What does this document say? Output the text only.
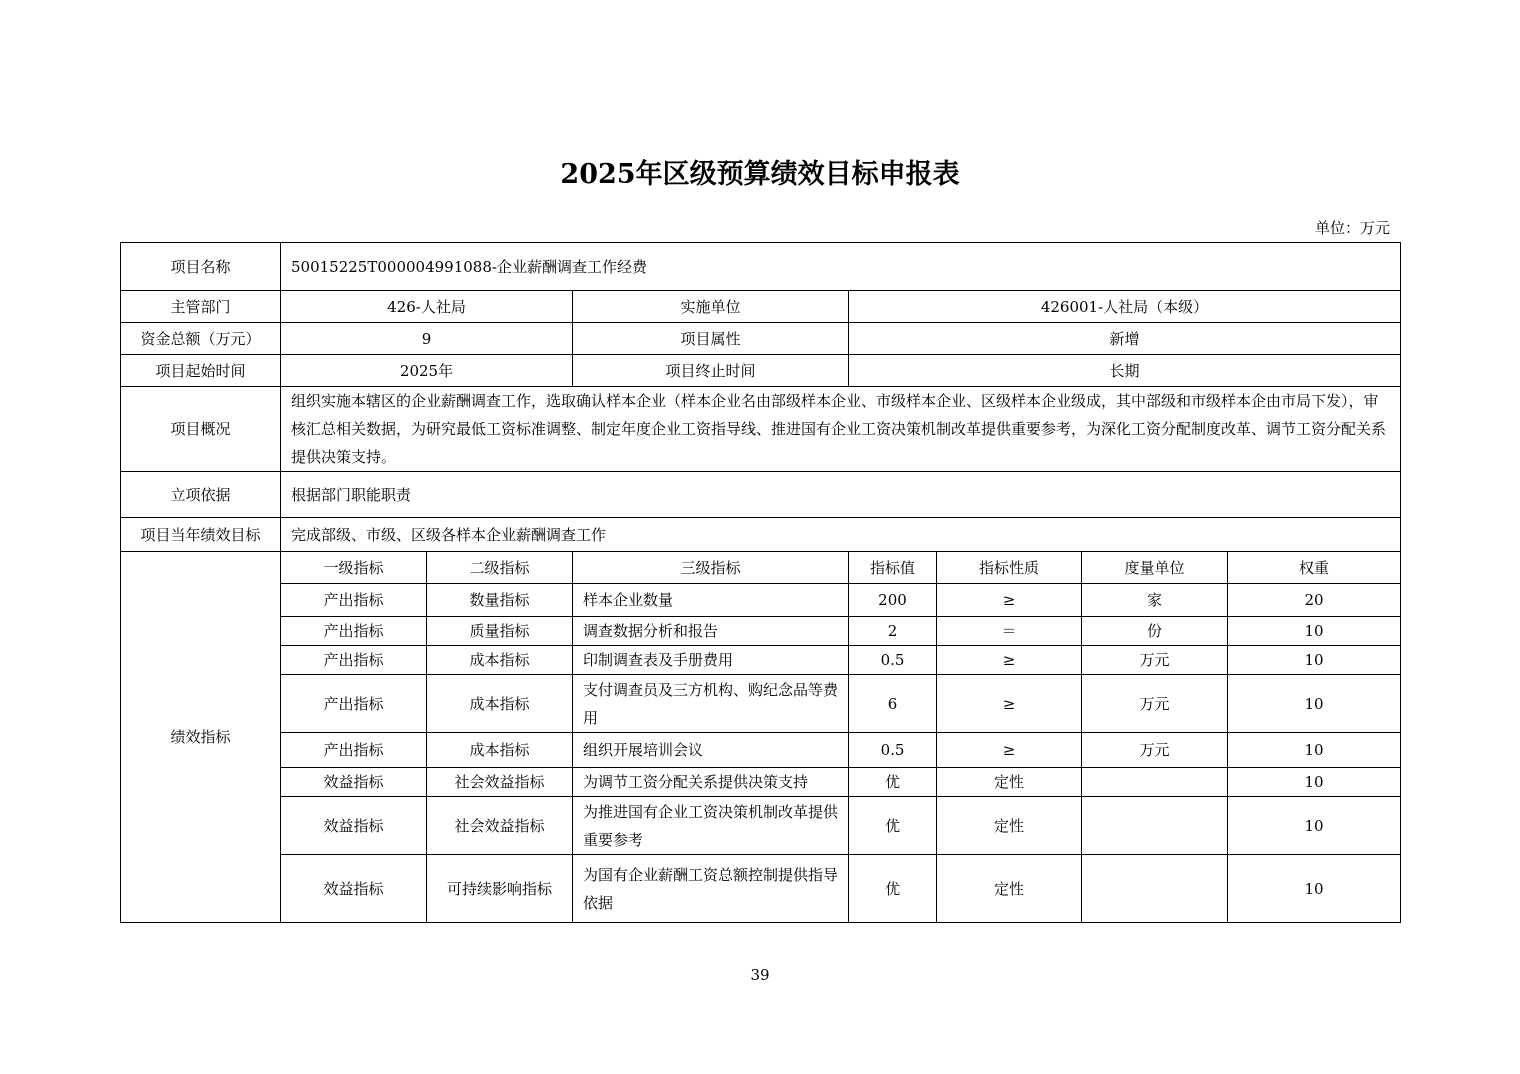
2025年区级预算绩效目标申报表
单位：万元
项目名称	50015225T000004991088-企业薪酬调查工作经费						
主管部门	426-人社局		实施单位	426001-人社局（本级）			
资金总额（万元）	9		项目属性	新增			
项目起始时间	2025年		项目终止时间	长期			
项目概况	组织实施本辖区的企业薪酬调查工作，选取确认样本企业（样本企业名由部级样本企业、市级样本企业、区级样本企业级成，其中部级和市级样本企由市局下发），审核汇总相关数据，为研究最低工资标准调整、制定年度企业工资指导线、推进国有企业工资决策机制改革提供重要参考，为深化工资分配制度改革、调节工资分配关系提供决策支持。						
立项依据	根据部门职能职责						
项目当年绩效目标	完成部级、市级、区级各样本企业薪酬调查工作						
绩效指标	一级指标	二级指标	三级指标	指标值	指标性质	度量单位	权重
	产出指标	数量指标	样本企业数量	200	≥	家	20
	产出指标	质量指标	调查数据分析和报告	2	＝	份	10
	产出指标	成本指标	印制调查表及手册费用	0.5	≥	万元	10
	产出指标	成本指标	支付调查员及三方机构、购纪念品等费用	6	≥	万元	10
	产出指标	成本指标	组织开展培训会议	0.5	≥	万元	10
	效益指标	社会效益指标	为调节工资分配关系提供决策支持	优	定性		10
	效益指标	社会效益指标	为推进国有企业工资决策机制改革提供重要参考	优	定性		10
	效益指标	可持续影响指标	为国有企业薪酬工资总额控制提供指导依据	优	定性		10
39
